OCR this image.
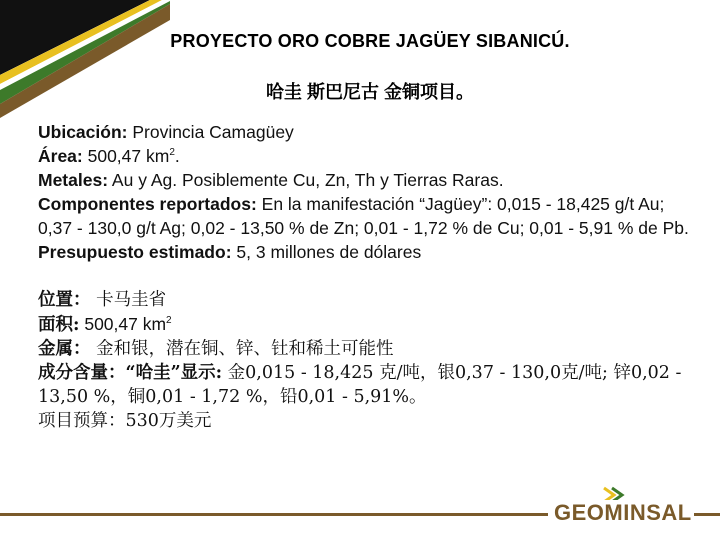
PROYECTO ORO COBRE JAGÜEY SIBANICÚ.
哈圭 斯巴尼古 金铜项目。
Ubicación: Provincia Camagüey
Área: 500,47 $km^2$.
Metales: Au y Ag. Posiblemente Cu, Zn, Th y Tierras Raras.
Componentes reportados: En la manifestación “Jagüey”: 0,015 - 18,425 g/t Au; 0,37 - 130,0 g/t Ag; 0,02 - 13,50 % de Zn; 0,01 - 1,72 % de Cu; 0,01 - 5,91 % de Pb.
Presupuesto estimado: 5, 3 millones de dólares
位置： 卡马圭省
面积: 500,47 $km^2$
金属： 金和银，潜在铜、锌、钍和稀土可能性
成分含量：“哈圭”显示: 金0,015 - 18,425 克/吨，银0,37 - 130,0克/吨; 锌0,02 - 13,50 %，铜0,01 - 1,72 %，铅0,01 - 5,91%。
项目预算：530万美元
GEOMINSAL
